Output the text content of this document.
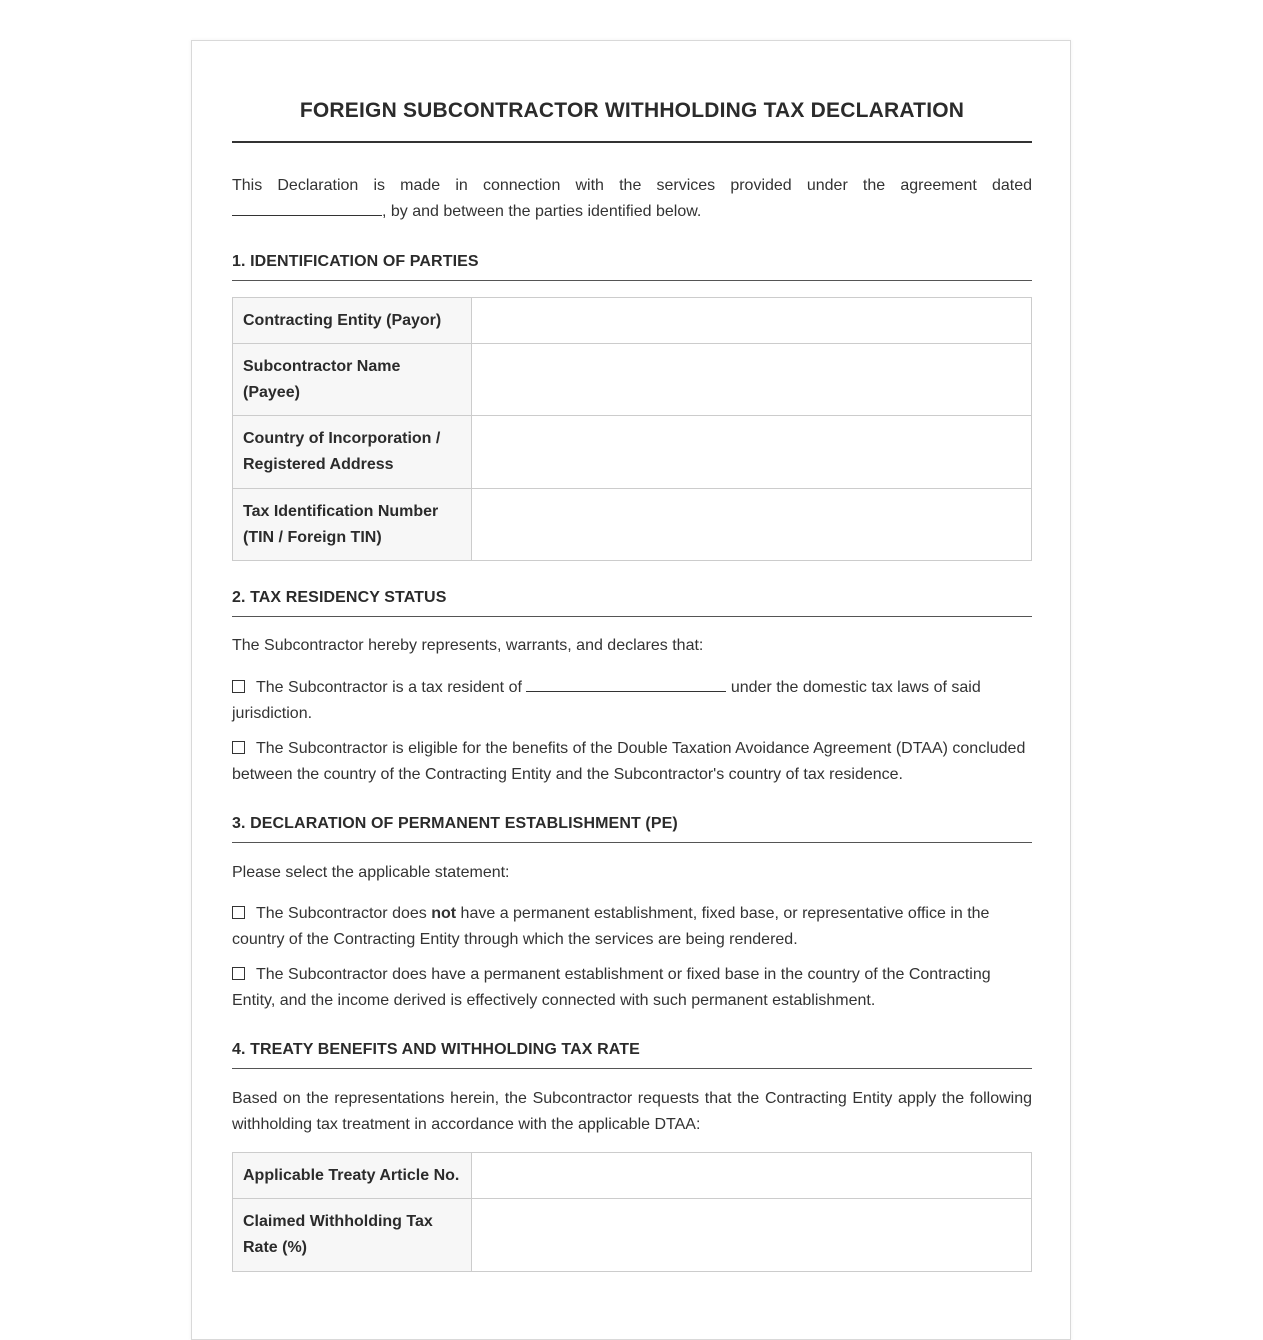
FOREIGN SUBCONTRACTOR WITHHOLDING TAX DECLARATION

This Declaration is made in connection with the services provided under the agreement dated , by and between the parties identified below.

1. IDENTIFICATION OF PARTIES
Contracting Entity (Payor)	
Subcontractor Name (Payee)	
Country of Incorporation / Registered Address	
Tax Identification Number (TIN / Foreign TIN)	
2. TAX RESIDENCY STATUS

The Subcontractor hereby represents, warrants, and declares that:

The Subcontractor is a tax resident of	under the domestic tax laws of said jurisdiction.

The Subcontractor is eligible for the benefits of the Double Taxation Avoidance Agreement (DTAA) concluded between the country of the Contracting Entity and the Subcontractor's country of tax residence.

3. DECLARATION OF PERMANENT ESTABLISHMENT (PE)

Please select the applicable statement:

The Subcontractor does not have a permanent establishment, fixed base, or representative office in the country of the Contracting Entity through which the services are being rendered.

The Subcontractor does have a permanent establishment or fixed base in the country of the Contracting Entity, and the income derived is effectively connected with such permanent establishment.

4. TREATY BENEFITS AND WITHHOLDING TAX RATE

Based on the representations herein, the Subcontractor requests that the Contracting Entity apply the following withholding tax treatment in accordance with the applicable DTAA:

Applicable Treaty Article No.	
Claimed Withholding Tax Rate (%)	
